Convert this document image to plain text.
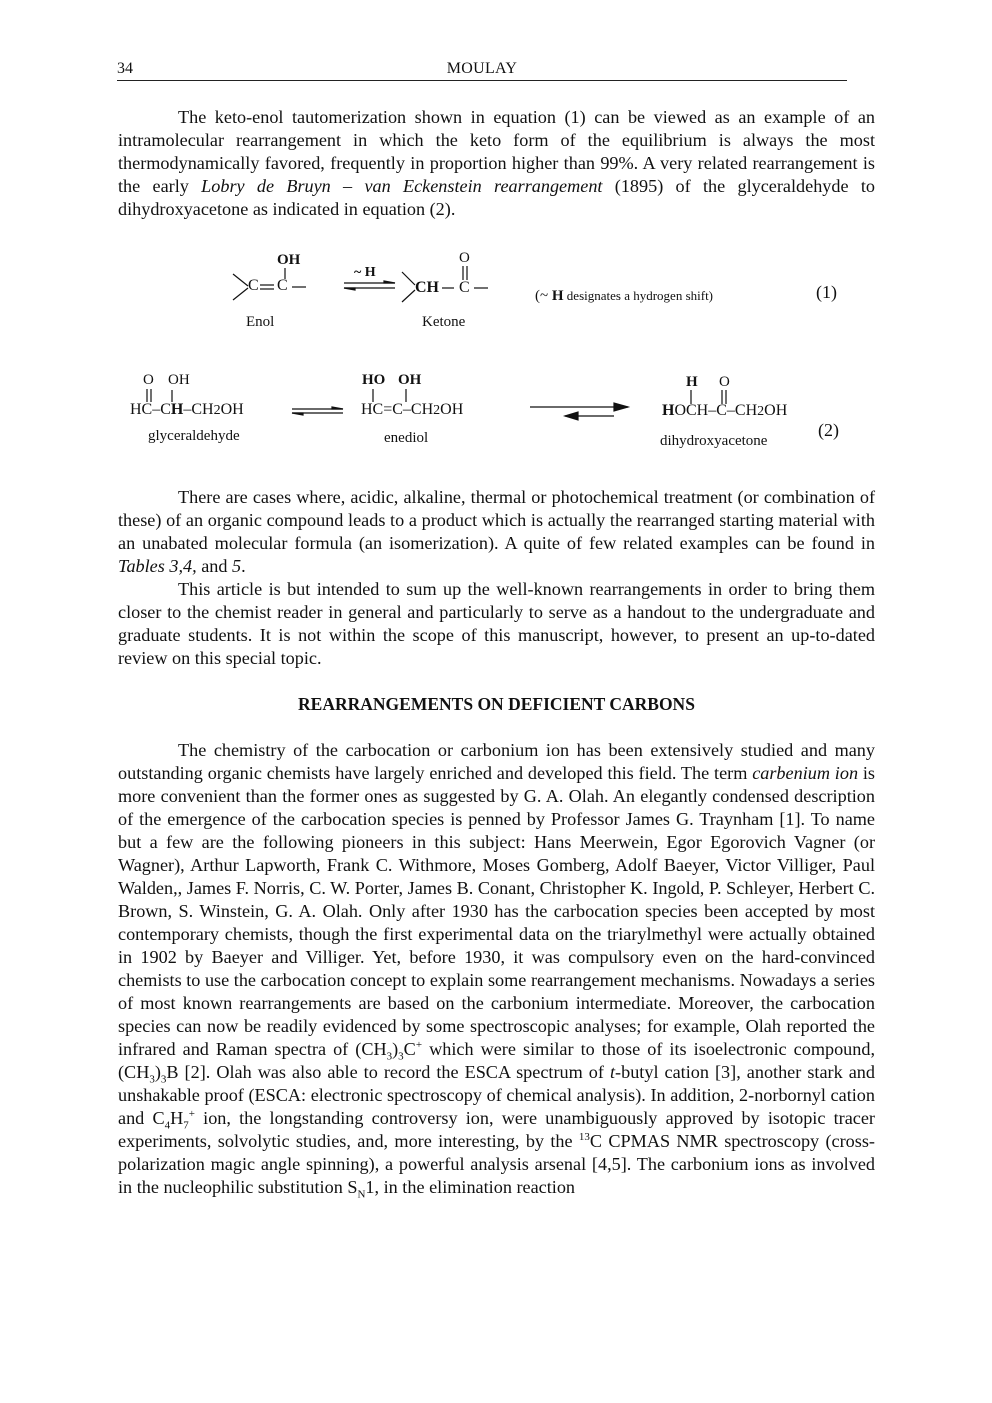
34	MOULAY

The keto-enol tautomerization shown in equation (1) can be viewed as an example of an intramolecular rearrangement in which the keto form of the equilibrium is always the most thermodynamically favored, frequently in proportion higher than 99%. A very related rearrangement is the early Lobry de Bruyn – van Eckenstein rearrangement (1895) of the glyceraldehyde to dihydroxyacetone as indicated in equation (2).

OH
C C
Enol
~ H
O
CH C
Ketone
(~ H designates a hydrogen shift)	(1)
O OH
HC–CH–CH2OH
glyceraldehyde
HO OH
HC=C–CH2OH
enediol
H O
HOCH–C–CH2OH
dihydroxyacetone
(2)

There are cases where, acidic, alkaline, thermal or photochemical treatment (or combination of these) of an organic compound leads to a product which is actually the rearranged starting material with an unabated molecular formula (an isomerization). A quite of few related examples can be found in Tables 3,4, and 5.

This article is but intended to sum up the well-known rearrangements in order to bring them closer to the chemist reader in general and particularly to serve as a handout to the undergraduate and graduate students. It is not within the scope of this manuscript, however, to present an up-to-dated review on this special topic.

REARRANGEMENTS ON DEFICIENT CARBONS

The chemistry of the carbocation or carbonium ion has been extensively studied and many outstanding organic chemists have largely enriched and developed this field. The term carbenium ion is more convenient than the former ones as suggested by G. A. Olah. An elegantly condensed description of the emergence of the carbocation species is penned by Professor James G. Traynham [1]. To name but a few are the following pioneers in this subject: Hans Meerwein, Egor Egorovich Vagner (or Wagner), Arthur Lapworth, Frank C. Withmore, Moses Gomberg, Adolf Baeyer, Victor Villiger, Paul Walden,, James F. Norris, C. W. Porter, James B. Conant, Christopher K. Ingold, P. Schleyer, Herbert C. Brown, S. Winstein, G. A. Olah. Only after 1930 has the carbocation species been accepted by most contemporary chemists, though the first experimental data on the triarylmethyl were actually obtained in 1902 by Baeyer and Villiger. Yet, before 1930, it was compulsory even on the hard-convinced chemists to use the carbocation concept to explain some rearrangement mechanisms. Nowadays a series of most known rearrangements are based on the carbonium intermediate. Moreover, the carbocation species can now be readily evidenced by some spectroscopic analyses; for example, Olah reported the infrared and Raman spectra of $(CH_3)_3C^+$ which were similar to those of its isoelectronic compound, $(CH_3)_3B$ [2]. Olah was also able to record the ESCA spectrum of t-butyl cation [3], another stark and unshakable proof (ESCA: electronic spectroscopy of chemical analysis). In addition, 2-norbornyl cation and $C_4H_7^+$ ion, the longstanding controversy ion, were unambiguously approved by isotopic tracer experiments, solvolytic studies, and, more interesting, by the $^{13}$C CPMAS NMR spectroscopy (cross-polarization magic angle spinning), a powerful analysis arsenal [4,5]. The carbonium ions as involved in the nucleophilic substitution $S_N1$, in the elimination reaction
